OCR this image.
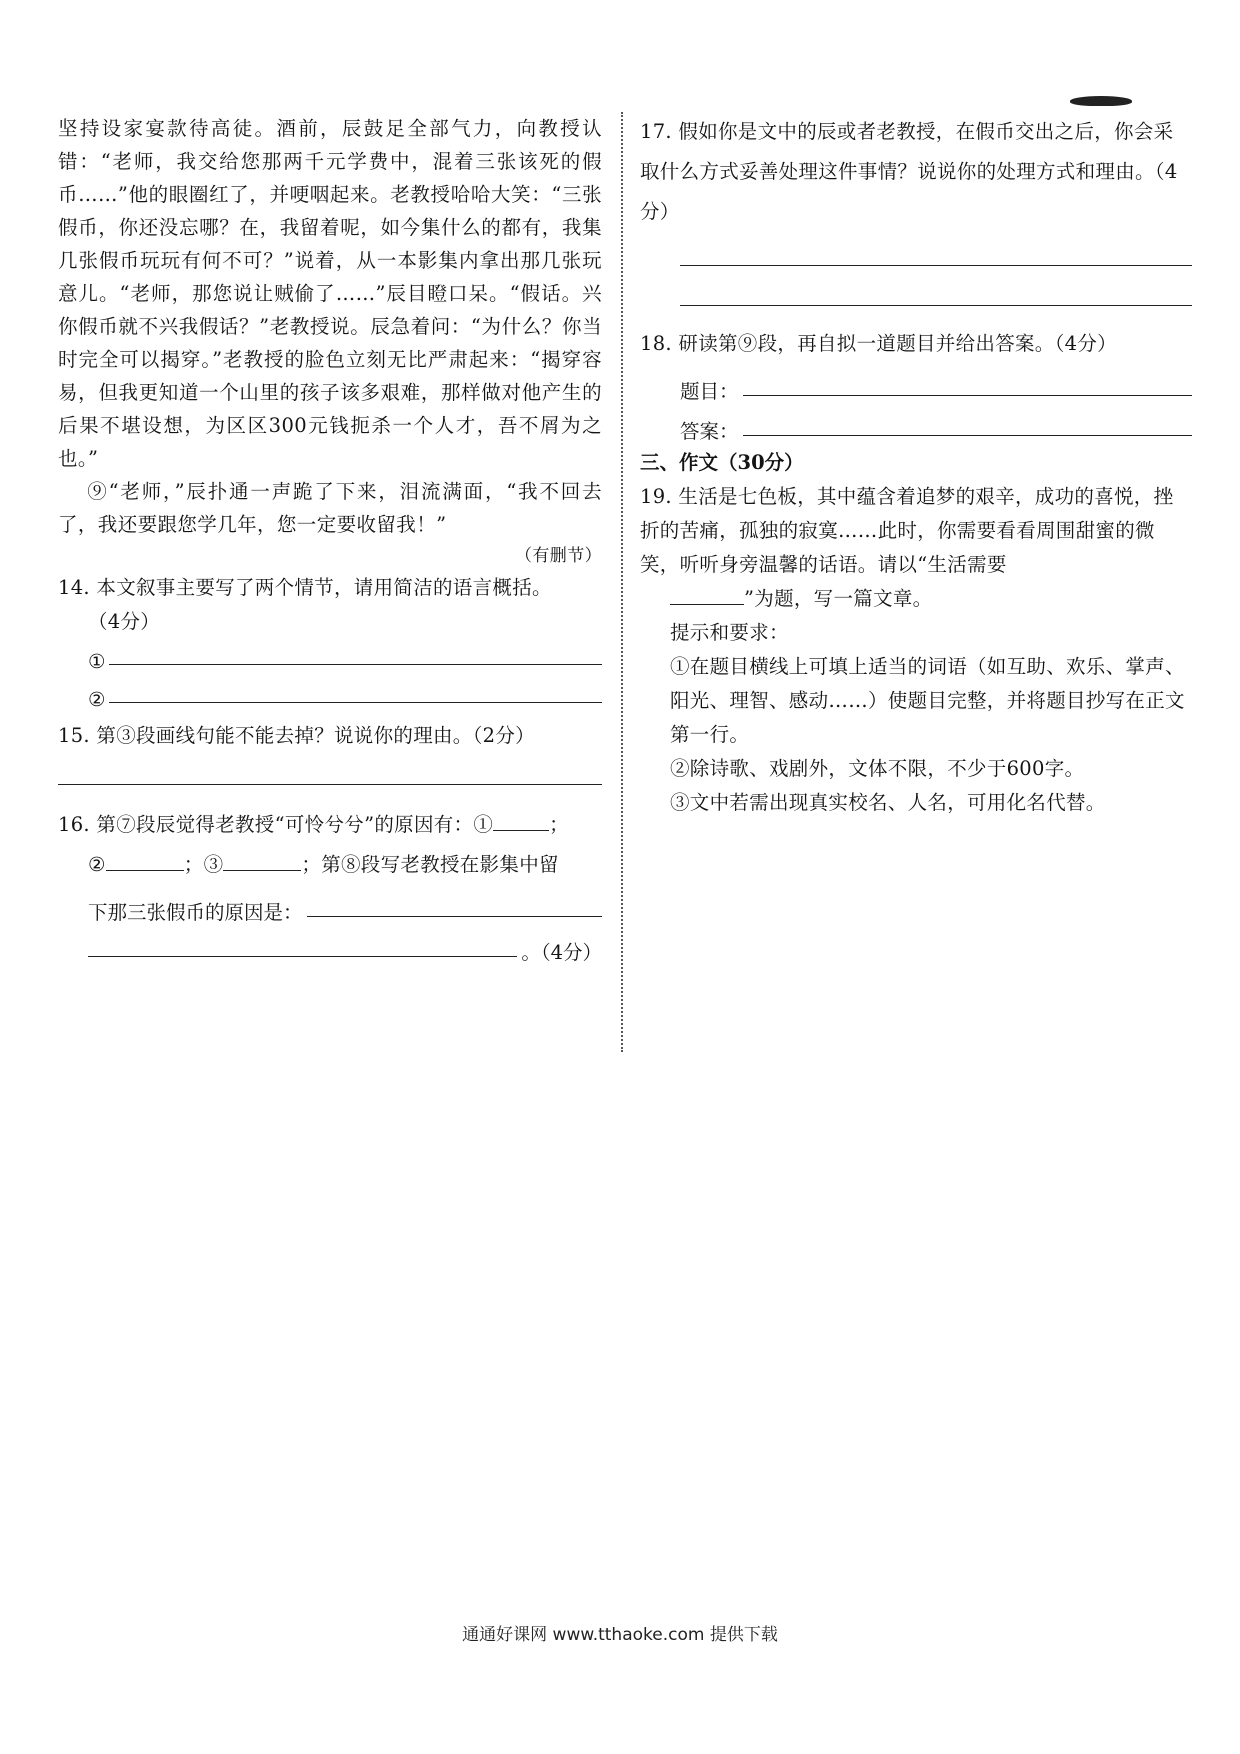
坚持设家宴款待高徒。酒前，辰鼓足全部气力，向教授认错：“老师，我交给您那两千元学费中，混着三张该死的假币……”他的眼圈红了，并哽咽起来。老教授哈哈大笑：“三张假币，你还没忘哪？在，我留着呢，如今集什么的都有，我集几张假币玩玩有何不可？”说着，从一本影集内拿出那几张玩意儿。“老师，那您说让贼偷了……”辰目瞪口呆。“假话。兴你假币就不兴我假话？”老教授说。辰急着问：“为什么？你当时完全可以揭穿。”老教授的脸色立刻无比严肃起来：“揭穿容易，但我更知道一个山里的孩子该多艰难，那样做对他产生的后果不堪设想，为区区300元钱扼杀一个人才，吾不屑为之也。”

⑨“老师，”辰扑通一声跪了下来，泪流满面，“我不回去了，我还要跟您学几年，您一定要收留我！”

（有删节）

14. 本文叙事主要写了两个情节，请用简洁的语言概括。

（4分）

①
②

15. 第③段画线句能不能去掉？说说你的理由。（2分）

16. 第⑦段辰觉得老教授“可怜兮兮”的原因有：①	；

②	；③	；第⑧段写老教授在影集中留

下那三张假币的原因是：
。（4分）

17. 假如你是文中的辰或者老教授，在假币交出之后，你会采取什么方式妥善处理这件事情？说说你的处理方式和理由。（4分）

18. 研读第⑨段，再自拟一道题目并给出答案。（4分）

题目：
答案：

三、作文（30分）

19. 生活是七色板，其中蕴含着追梦的艰辛，成功的喜悦，挫折的苦痛，孤独的寂寞……此时，你需要看看周围甜蜜的微笑，听听身旁温馨的话语。请以“生活需要

”为题，写一篇文章。

提示和要求：

①在题目横线上可填上适当的词语（如互助、欢乐、掌声、阳光、理智、感动……）使题目完整，并将题目抄写在正文第一行。

②除诗歌、戏剧外，文体不限，不少于600字。

③文中若需出现真实校名、人名，可用化名代替。

通通好课网 www.tthaoke.com 提供下载
